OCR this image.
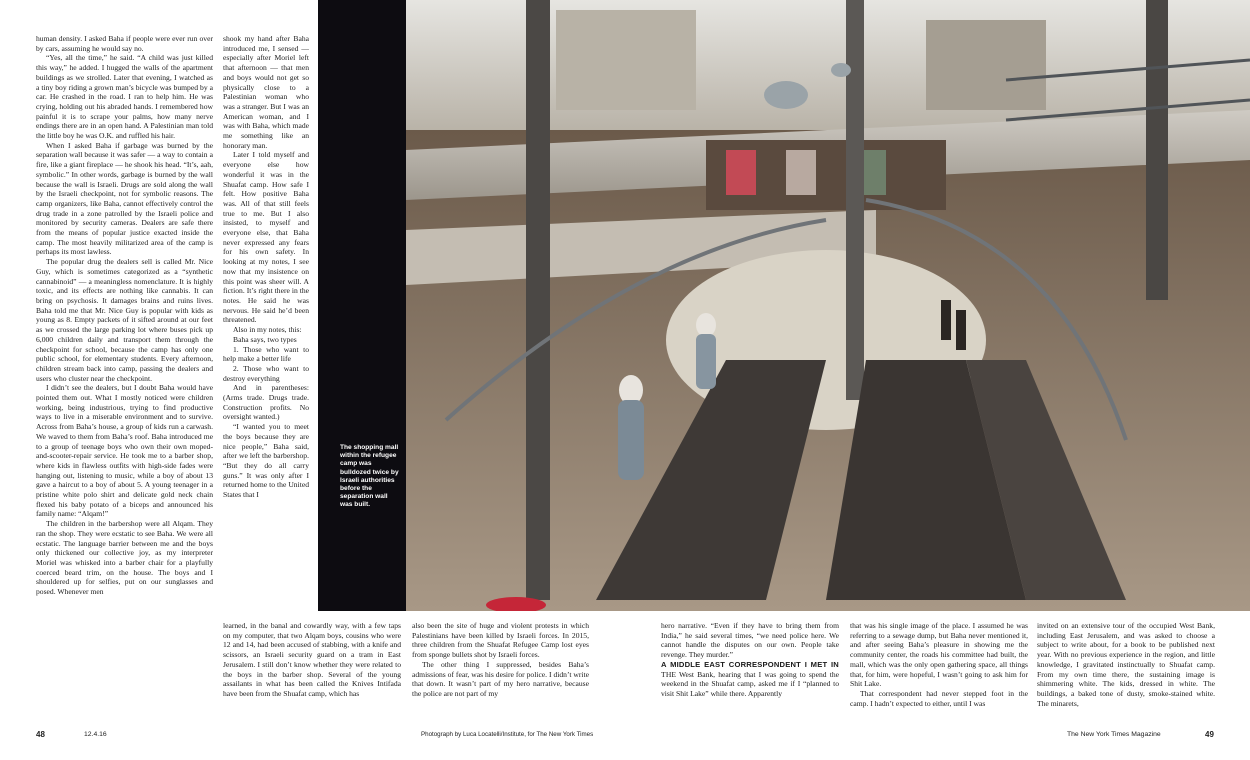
human density. I asked Baha if people were ever run over by cars, assuming he would say no.

“Yes, all the time,” he said. “A child was just killed this way,” he added. I hugged the walls of the apartment buildings as we strolled. Later that evening, I watched as a tiny boy riding a grown man’s bicycle was bumped by a car. He crashed in the road. I ran to help him. He was crying, holding out his abraded hands. I remembered how painful it is to scrape your palms, how many nerve endings there are in an open hand. A Palestinian man told the little boy he was O.K. and ruffled his hair.

When I asked Baha if garbage was burned by the separation wall because it was safer — a way to contain a fire, like a giant fireplace — he shook his head. “It’s, aah, symbolic.” In other words, garbage is burned by the wall because the wall is Israeli. Drugs are sold along the wall by the Israeli checkpoint, not for symbolic reasons. The camp organizers, like Baha, cannot effectively control the drug trade in a zone patrolled by the Israeli police and monitored by security cameras. Dealers are safe there from the means of popular justice exacted inside the camp. The most heavily militarized area of the camp is perhaps its most lawless.

The popular drug the dealers sell is called Mr. Nice Guy, which is sometimes categorized as a “synthetic cannabinoid” — a meaningless nomenclature. It is highly toxic, and its effects are nothing like cannabis. It can bring on psychosis. It damages brains and ruins lives. Baha told me that Mr. Nice Guy is popular with kids as young as 8. Empty packets of it sifted around at our feet as we crossed the large parking lot where buses pick up 6,000 children daily and transport them through the checkpoint for school, because the camp has only one public school, for elementary students. Every afternoon, children stream back into camp, passing the dealers and users who cluster near the checkpoint.

I didn’t see the dealers, but I doubt Baha would have pointed them out. What I mostly noticed were children working, being industrious, trying to find productive ways to live in a miserable environment and to survive. Across from Baha’s house, a group of kids run a carwash. We waved to them from Baha’s roof. Baha introduced me to a group of teenage boys who own their own moped-and-scooter-repair service. He took me to a barber shop, where kids in flawless outfits with high-side fades were hanging out, listening to music, while a boy of about 13 gave a haircut to a boy of about 5. A young teenager in a pristine white polo shirt and delicate gold neck chain flexed his baby potato of a biceps and announced his family name: “Alqam!”

The children in the barbershop were all Alqam. They ran the shop. They were ecstatic to see Baha. We were all ecstatic. The language barrier between me and the boys only thickened our collective joy, as my interpreter Moriel was whisked into a barber chair for a playfully coerced beard trim, on the house. The boys and I shouldered up for selfies, put on our sunglasses and posed. Whenever men

shook my hand after Baha introduced me, I sensed — especially after Moriel left that afternoon — that men and boys would not get so physically close to a Palestinian woman who was a stranger. But I was an American woman, and I was with Baha, which made me something like an honorary man.

Later I told myself and everyone else how wonderful it was in the Shuafat camp. How safe I felt. How positive Baha was. All of that still feels true to me. But I also insisted, to myself and everyone else, that Baha never expressed any fears for his own safety. In looking at my notes, I see now that my insistence on this point was sheer will. A fiction. It’s right there in the notes. He said he was nervous. He said he’d been threatened.

Also in my notes, this:

Baha says, two types

1. Those who want to help make a better life

2. Those who want to destroy everything

And in parentheses: (Arms trade. Drugs trade. Construction profits. No oversight wanted.)

“I wanted you to meet the boys because they are nice people,” Baha said, after we left the barbershop. “But they do all carry guns.” It was only after I returned home to the United States that I

learned, in the banal and cowardly way, with a few taps on my computer, that two Alqam boys, cousins who were 12 and 14, had been accused of stabbing, with a knife and scissors, an Israeli security guard on a tram in East Jerusalem. I still don’t know whether they were related to the boys in the barber shop. Several of the young assailants in what has been called the Knives Intifada have been from the Shuafat camp, which has

The shopping mall within the refugee camp was bulldozed twice by Israeli authorities before the separation wall was built.

also been the site of huge and violent protests in which Palestinians have been killed by Israeli forces. In 2015, three children from the Shuafat Refugee Camp lost eyes from sponge bullets shot by Israeli forces.

The other thing I suppressed, besides Baha’s admissions of fear, was his desire for police. I didn’t write that down. It wasn’t part of my hero narrative, because the police are not part of my

hero narrative. “Even if they have to bring them from India,” he said several times, “we need police here. We cannot handle the disputes on our own. People take revenge. They murder.”

A MIDDLE EAST CORRESPONDENT I MET IN THE West Bank, hearing that I was going to spend the weekend in the Shuafat camp, asked me if I “planned to visit Shit Lake” while there. Apparently

that was his single image of the place. I assumed he was referring to a sewage dump, but Baha never mentioned it, and after seeing Baha’s pleasure in showing me the community center, the roads his committee had built, the mall, which was the only open gathering space, all things that, for him, were hopeful, I wasn’t going to ask him for Shit Lake.

That correspondent had never stepped foot in the camp. I hadn’t expected to either, until I was

invited on an extensive tour of the occupied West Bank, including East Jerusalem, and was asked to choose a subject to write about, for a book to be published next year. With no previous experience in the region, and little knowledge, I gravitated instinctually to Shuafat camp. From my own time there, the sustaining image is shimmering white. The kids, dressed in white. The buildings, a baked tone of dusty, smoke-stained white. The minarets,

48	12.4.16	Photograph by Luca Locatelli/Institute, for The New York Times	The New York Times Magazine	49
